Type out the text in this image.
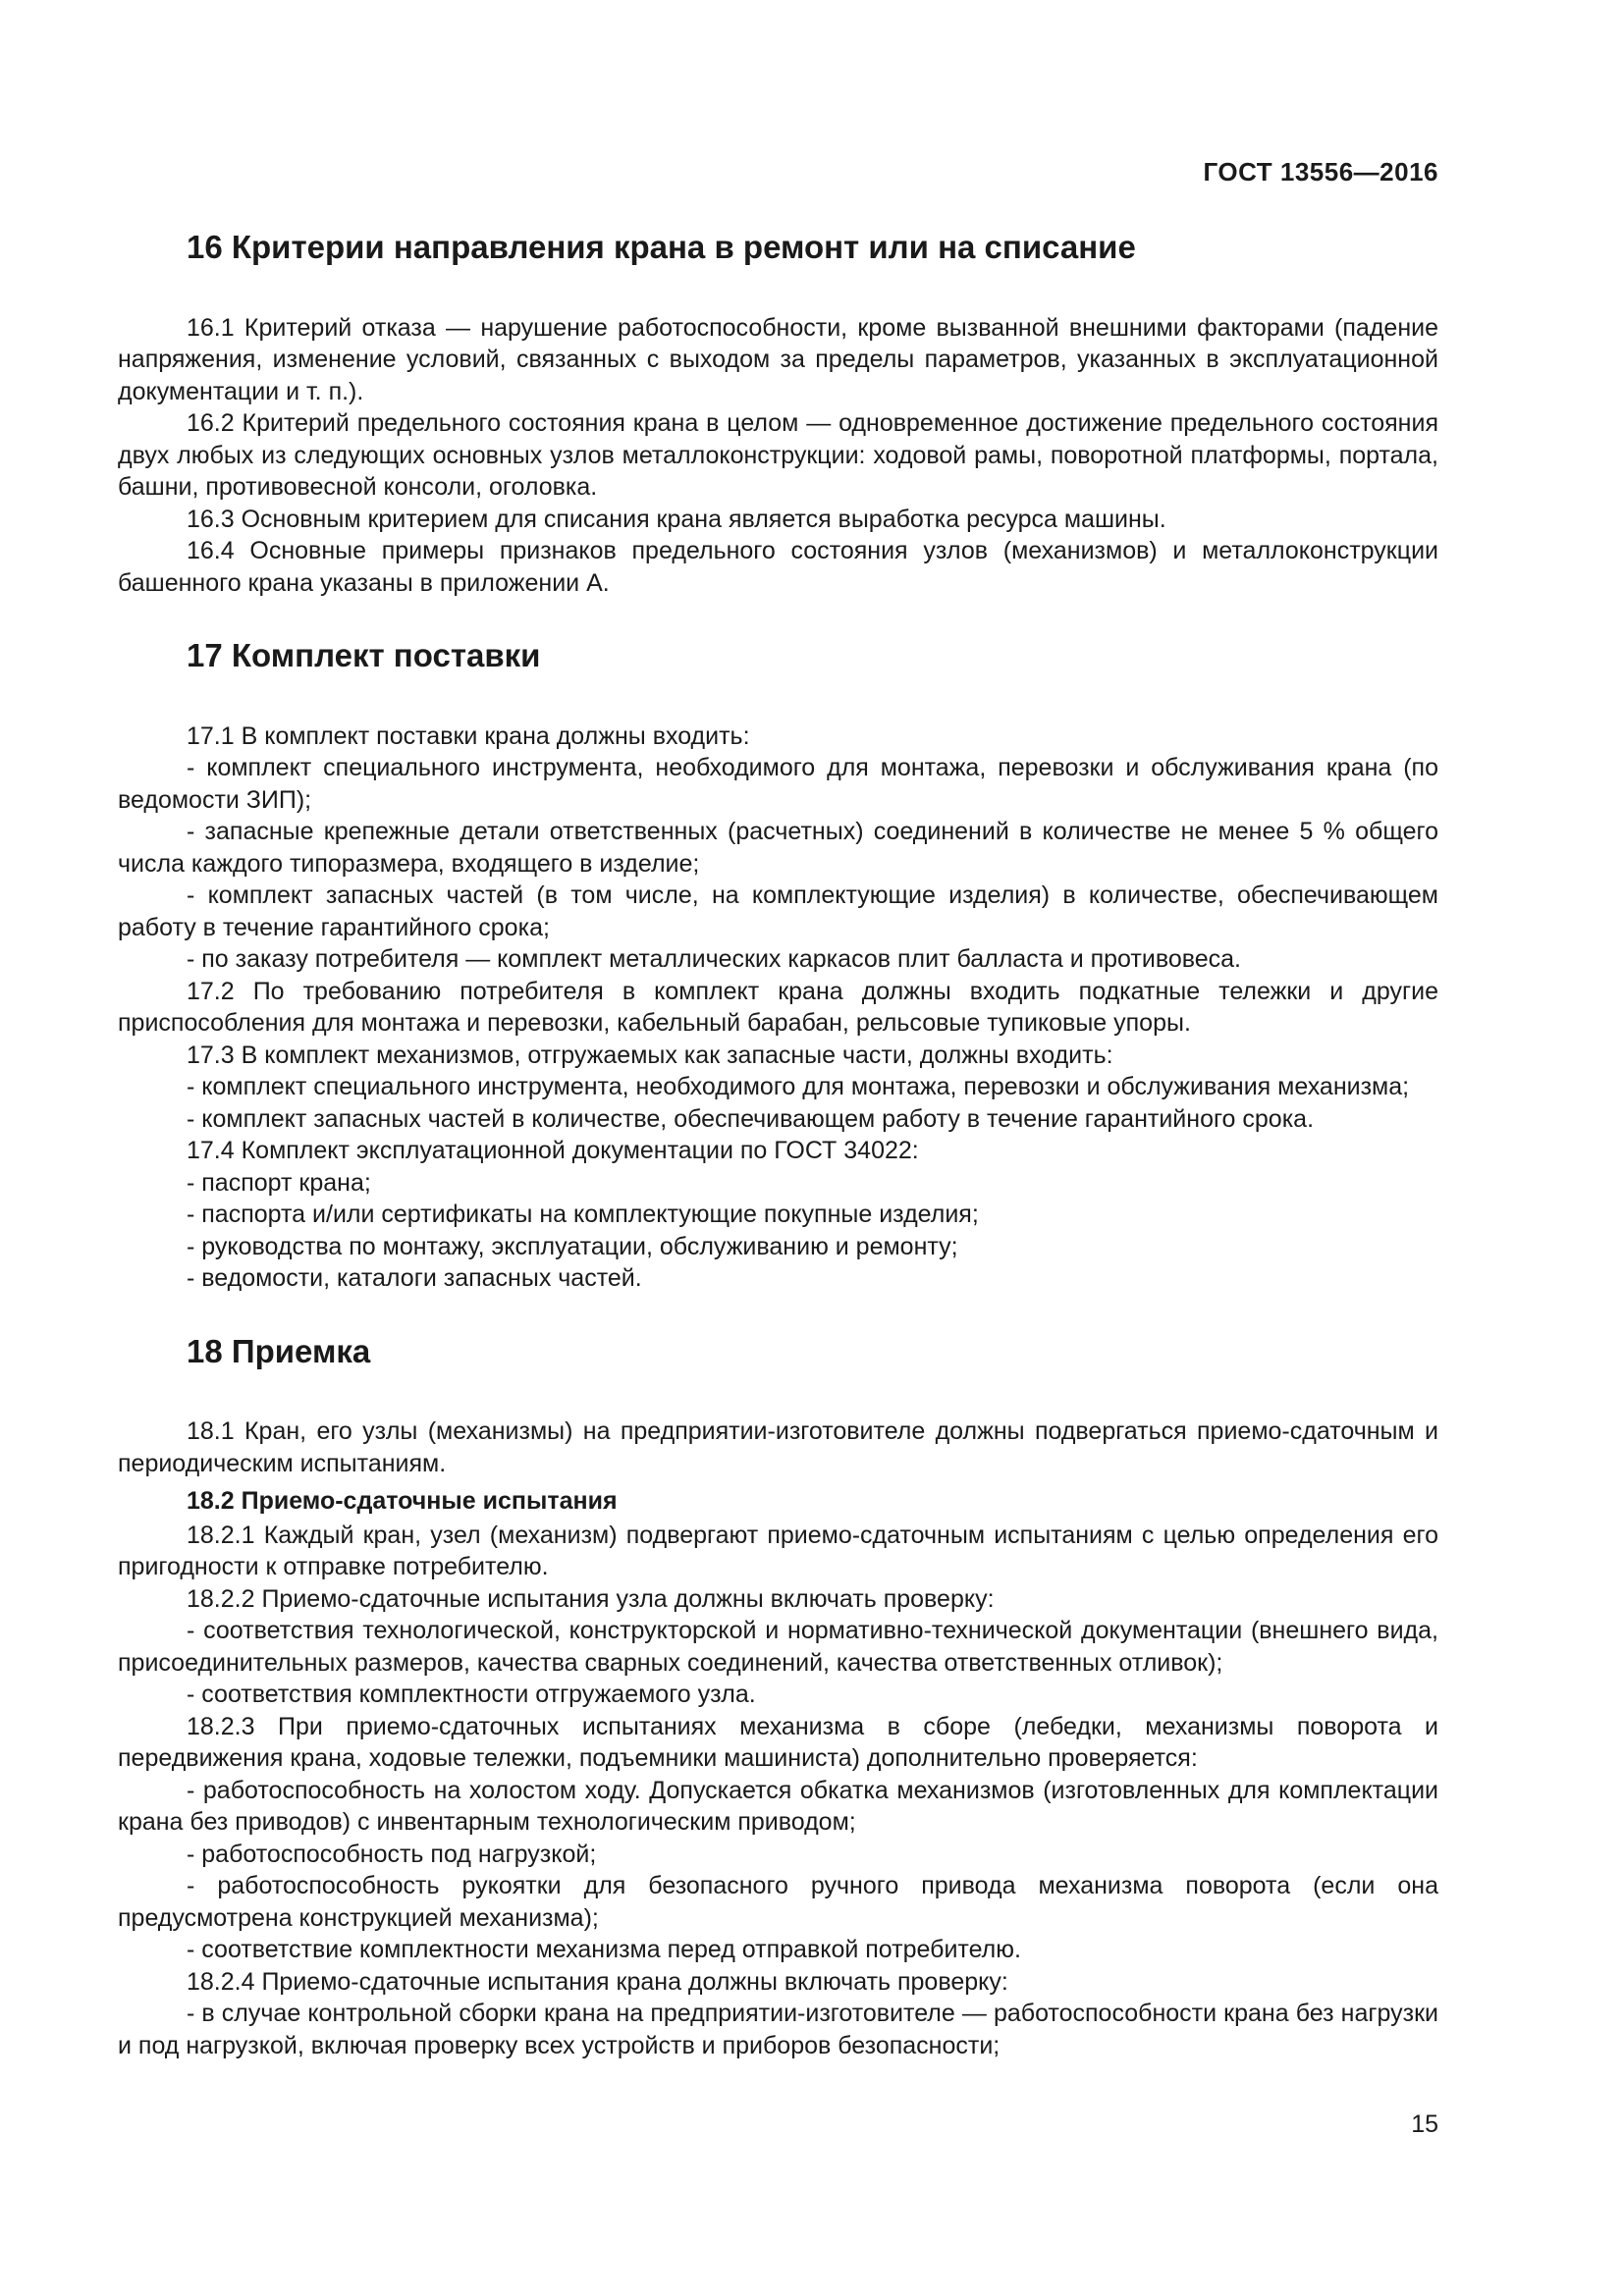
ГОСТ 13556—2016
16 Критерии направления крана в ремонт или на списание

16.1 Критерий отказа — нарушение работоспособности, кроме вызванной внешними факторами (падение напряжения, изменение условий, связанных с выходом за пределы параметров, указанных в эксплуатационной документации и т. п.).

16.2 Критерий предельного состояния крана в целом — одновременное достижение предельного состояния двух любых из следующих основных узлов металлоконструкции: ходовой рамы, поворотной платформы, портала, башни, противовесной консоли, оголовка.

16.3 Основным критерием для списания крана является выработка ресурса машины.

16.4 Основные примеры признаков предельного состояния узлов (механизмов) и металлоконструкции башенного крана указаны в приложении А.

17 Комплект поставки

17.1 В комплект поставки крана должны входить:

- комплект специального инструмента, необходимого для монтажа, перевозки и обслуживания крана (по ведомости ЗИП);

- запасные крепежные детали ответственных (расчетных) соединений в количестве не менее 5 % общего числа каждого типоразмера, входящего в изделие;

- комплект запасных частей (в том числе, на комплектующие изделия) в количестве, обеспечивающем работу в течение гарантийного срока;

- по заказу потребителя — комплект металлических каркасов плит балласта и противовеса.

17.2 По требованию потребителя в комплект крана должны входить подкатные тележки и другие приспособления для монтажа и перевозки, кабельный барабан, рельсовые тупиковые упоры.

17.3 В комплект механизмов, отгружаемых как запасные части, должны входить:

- комплект специального инструмента, необходимого для монтажа, перевозки и обслуживания механизма;

- комплект запасных частей в количестве, обеспечивающем работу в течение гарантийного срока.

17.4 Комплект эксплуатационной документации по ГОСТ 34022:

- паспорт крана;

- паспорта и/или сертификаты на комплектующие покупные изделия;

- руководства по монтажу, эксплуатации, обслуживанию и ремонту;

- ведомости, каталоги запасных частей.

18 Приемка

18.1 Кран, его узлы (механизмы) на предприятии-изготовителе должны подвергаться приемо-сдаточным и периодическим испытаниям.

18.2 Приемо-сдаточные испытания

18.2.1 Каждый кран, узел (механизм) подвергают приемо-сдаточным испытаниям с целью определения его пригодности к отправке потребителю.

18.2.2 Приемо-сдаточные испытания узла должны включать проверку:

- соответствия технологической, конструкторской и нормативно-технической документации (внешнего вида, присоединительных размеров, качества сварных соединений, качества ответственных отливок);

- соответствия комплектности отгружаемого узла.

18.2.3 При приемо-сдаточных испытаниях механизма в сборе (лебедки, механизмы поворота и передвижения крана, ходовые тележки, подъемники машиниста) дополнительно проверяется:

- работоспособность на холостом ходу. Допускается обкатка механизмов (изготовленных для комплектации крана без приводов) с инвентарным технологическим приводом;

- работоспособность под нагрузкой;

- работоспособность рукоятки для безопасного ручного привода механизма поворота (если она предусмотрена конструкцией механизма);

- соответствие комплектности механизма перед отправкой потребителю.

18.2.4 Приемо-сдаточные испытания крана должны включать проверку:

- в случае контрольной сборки крана на предприятии-изготовителе — работоспособности крана без нагрузки и под нагрузкой, включая проверку всех устройств и приборов безопасности;

15
